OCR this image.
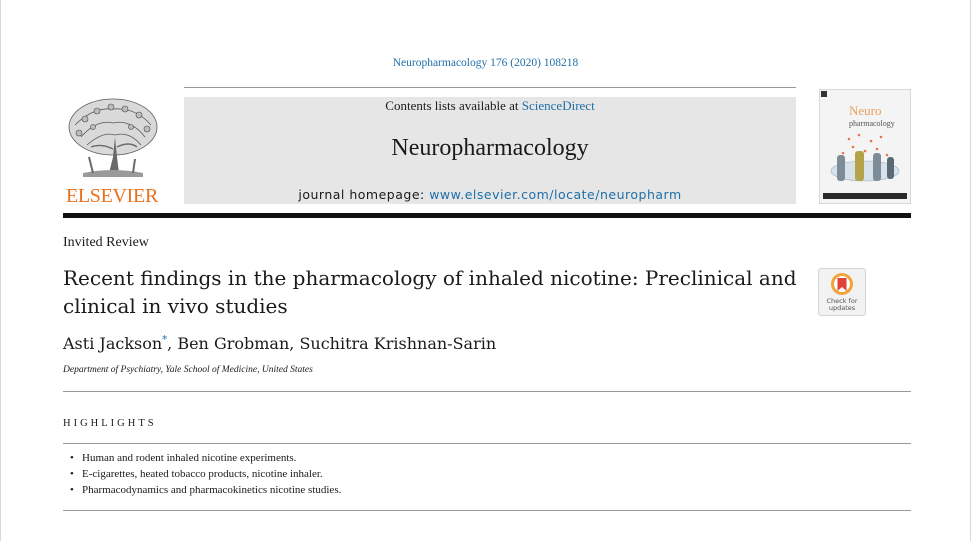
Neuropharmacology 176 (2020) 108218
ELSEVIER
Contents lists available at ScienceDirect
Neuropharmacology
journal homepage: www.elsevier.com/locate/neuropharm
Neuro
pharmacology
Invited Review
Recent findings in the pharmacology of inhaled nicotine: Preclinical and clinical in vivo studies
Asti Jackson*, Ben Grobman, Suchitra Krishnan-Sarin
Department of Psychiatry, Yale School of Medicine, United States
Check for
updates
HIGHLIGHTS
• Human and rodent inhaled nicotine experiments.
• E-cigarettes, heated tobacco products, nicotine inhaler.
• Pharmacodynamics and pharmacokinetics nicotine studies.
